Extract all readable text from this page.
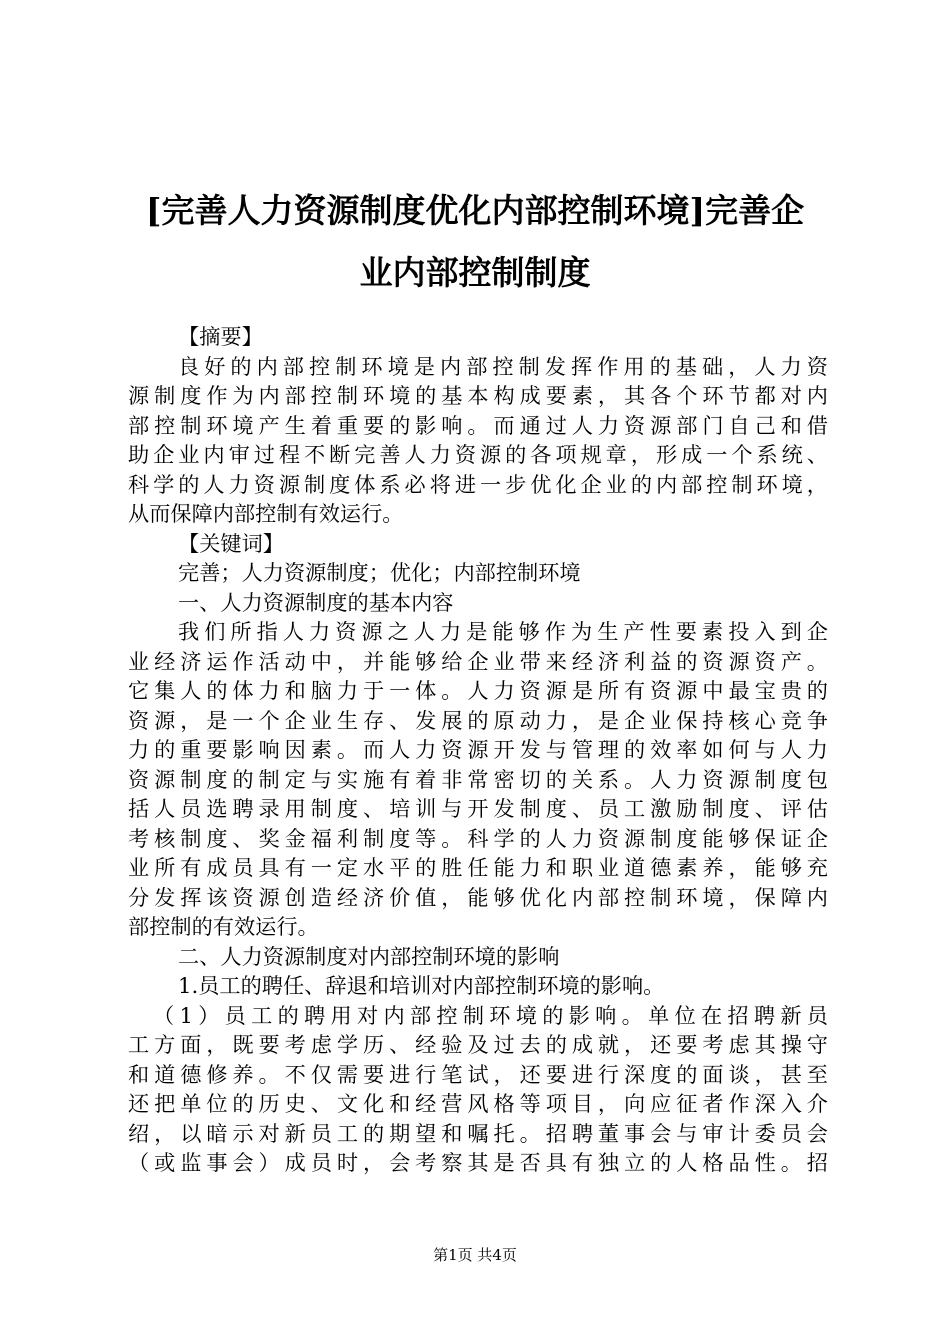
[完善人力资源制度优化内部控制环境]完善企
业内部控制制度
【摘要】
良好的内部控制环境是内部控制发挥作用的基础，人力资
源制度作为内部控制环境的基本构成要素，其各个环节都对内
部控制环境产生着重要的影响。而通过人力资源部门自己和借
助企业内审过程不断完善人力资源的各项规章，形成一个系统、
科学的人力资源制度体系必将进一步优化企业的内部控制环境，
从而保障内部控制有效运行。
【关键词】
完善；人力资源制度；优化；内部控制环境
一、人力资源制度的基本内容
我们所指人力资源之人力是能够作为生产性要素投入到企
业经济运作活动中，并能够给企业带来经济利益的资源资产。
它集人的体力和脑力于一体。人力资源是所有资源中最宝贵的
资源，是一个企业生存、发展的原动力，是企业保持核心竞争
力的重要影响因素。而人力资源开发与管理的效率如何与人力
资源制度的制定与实施有着非常密切的关系。人力资源制度包
括人员选聘录用制度、培训与开发制度、员工激励制度、评估
考核制度、奖金福利制度等。科学的人力资源制度能够保证企
业所有成员具有一定水平的胜任能力和职业道德素养，能够充
分发挥该资源创造经济价值，能够优化内部控制环境，保障内
部控制的有效运行。
二、人力资源制度对内部控制环境的影响
1.员工的聘任、辞退和培训对内部控制环境的影响。
（1）员工的聘用对内部控制环境的影响。单位在招聘新员
工方面，既要考虑学历、经验及过去的成就，还要考虑其操守
和道德修养。不仅需要进行笔试，还要进行深度的面谈，甚至
还把单位的历史、文化和经营风格等项目，向应征者作深入介
绍，以暗示对新员工的期望和嘱托。招聘董事会与审计委员会
（或监事会）成员时，会考察其是否具有独立的人格品性。招
第1页 共4页
